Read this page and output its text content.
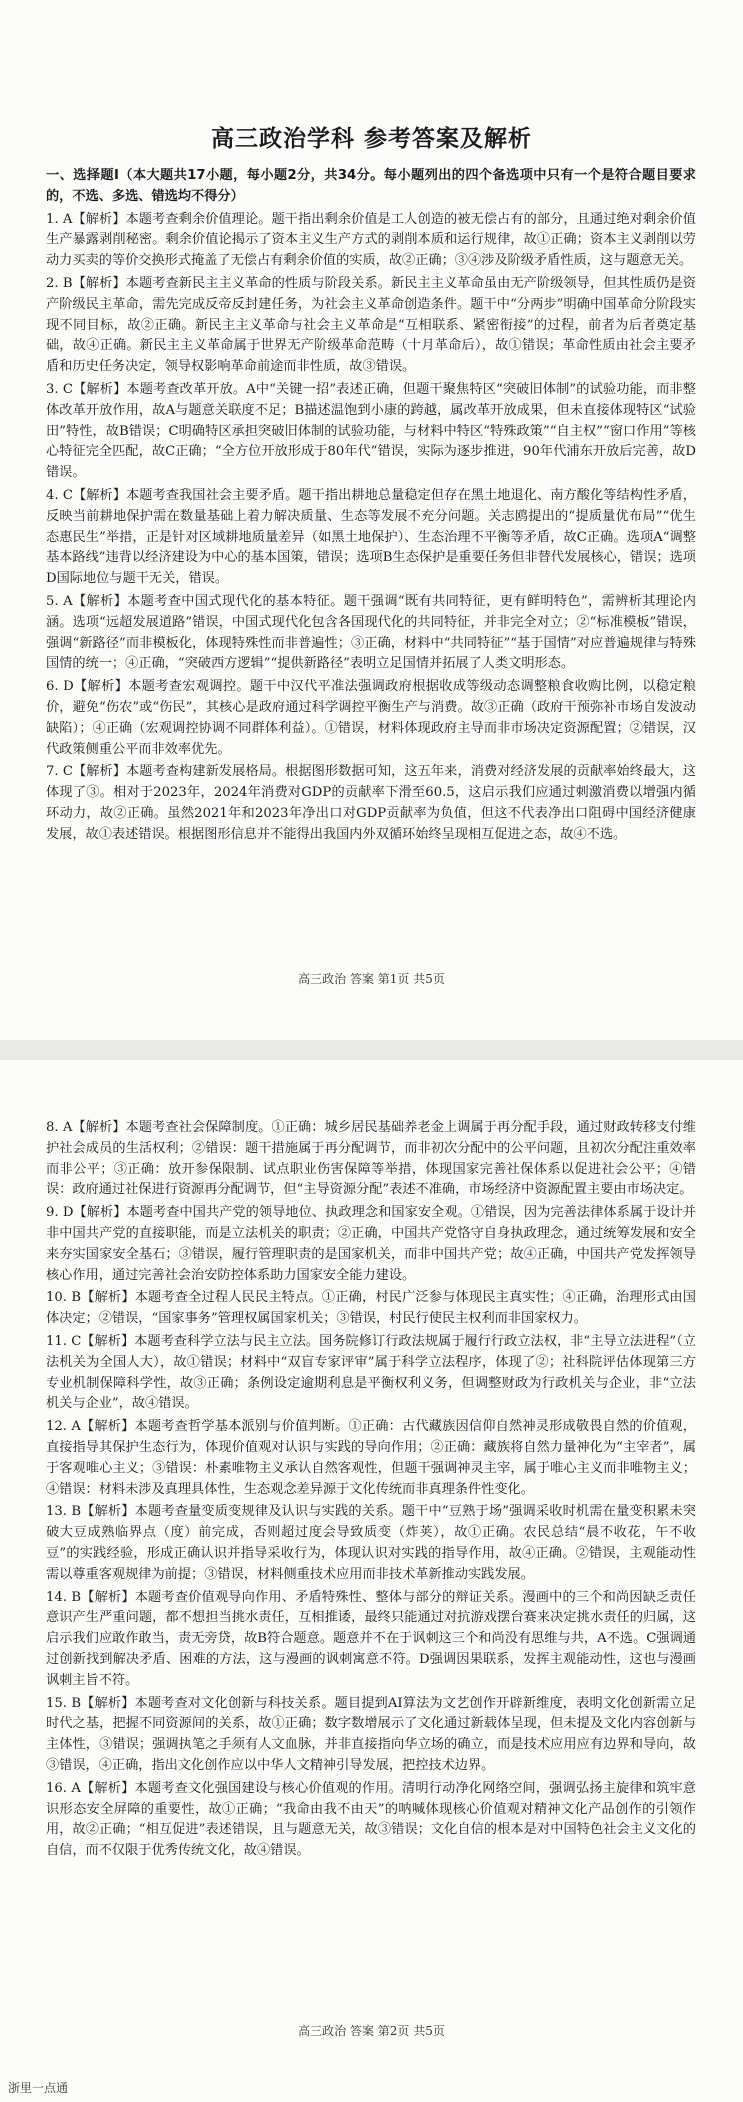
高三政治学科 参考答案及解析

一、选择题Ⅰ（本大题共17小题，每小题2分，共34分。每小题列出的四个备选项中只有一个是符合题目要求的，不选、多选、错选均不得分）

1. A【解析】本题考查剩余价值理论。题干指出剩余价值是工人创造的被无偿占有的部分，且通过绝对剩余价值生产暴露剥削秘密。剩余价值论揭示了资本主义生产方式的剥削本质和运行规律，故①正确；资本主义剥削以劳动力买卖的等价交换形式掩盖了无偿占有剩余价值的实质，故②正确；③④涉及阶级矛盾性质，这与题意无关。

2. B【解析】本题考查新民主主义革命的性质与阶段关系。新民主主义革命虽由无产阶级领导，但其性质仍是资产阶级民主革命，需先完成反帝反封建任务，为社会主义革命创造条件。题干中“分两步”明确中国革命分阶段实现不同目标，故②正确。新民主主义革命与社会主义革命是“互相联系、紧密衔接”的过程，前者为后者奠定基础，故④正确。新民主主义革命属于世界无产阶级革命范畴（十月革命后），故①错误；革命性质由社会主要矛盾和历史任务决定，领导权影响革命前途而非性质，故③错误。

3. C【解析】本题考查改革开放。A中“关键一招”表述正确，但题干聚焦特区“突破旧体制”的试验功能，而非整体改革开放作用，故A与题意关联度不足；B描述温饱到小康的跨越，属改革开放成果，但未直接体现特区“试验田”特性，故B错误；C明确特区承担突破旧体制的试验功能，与材料中特区“特殊政策”“自主权”“窗口作用”等核心特征完全匹配，故C正确；“全方位开放形成于80年代”错误，实际为逐步推进，90年代浦东开放后完善，故D错误。

4. C【解析】本题考查我国社会主要矛盾。题干指出耕地总量稳定但存在黑土地退化、南方酸化等结构性矛盾，反映当前耕地保护需在数量基础上着力解决质量、生态等发展不充分问题。关志鸥提出的“提质量优布局”“优生态惠民生”举措，正是针对区域耕地质量差异（如黑土地保护）、生态治理不平衡等矛盾，故C正确。选项A“调整基本路线”违背以经济建设为中心的基本国策，错误；选项B生态保护是重要任务但非替代发展核心，错误；选项D国际地位与题干无关，错误。

5. A【解析】本题考查中国式现代化的基本特征。题干强调“既有共同特征，更有鲜明特色”，需辨析其理论内涵。选项“远超发展道路”错误，中国式现代化包含各国现代化的共同特征，并非完全对立；②“标准模板”错误，强调“新路径”而非模板化，体现特殊性而非普遍性；③正确，材料中“共同特征”“基于国情”对应普遍规律与特殊国情的统一；④正确，“突破西方逻辑”“提供新路径”表明立足国情并拓展了人类文明形态。

6. D【解析】本题考查宏观调控。题干中汉代平准法强调政府根据收成等级动态调整粮食收购比例，以稳定粮价，避免“伤农”或“伤民”，其核心是政府通过科学调控平衡生产与消费。故③正确（政府干预弥补市场自发波动缺陷）；④正确（宏观调控协调不同群体利益）。①错误，材料体现政府主导而非市场决定资源配置；②错误，汉代政策侧重公平而非效率优先。

7. C【解析】本题考查构建新发展格局。根据图形数据可知，这五年来，消费对经济发展的贡献率始终最大，这体现了③。相对于2023年，2024年消费对GDP的贡献率下滑至60.5，这启示我们应通过刺激消费以增强内循环动力，故②正确。虽然2021年和2023年净出口对GDP贡献率为负值，但这不代表净出口阻碍中国经济健康发展，故①表述错误。根据图形信息并不能得出我国内外双循环始终呈现相互促进之态，故④不选。

高三政治 答案 第1页 共5页

8. A【解析】本题考查社会保障制度。①正确：城乡居民基础养老金上调属于再分配手段，通过财政转移支付维护社会成员的生活权利；②错误：题干措施属于再分配调节，而非初次分配中的公平问题，且初次分配注重效率而非公平；③正确：放开参保限制、试点职业伤害保障等举措，体现国家完善社保体系以促进社会公平；④错误：政府通过社保进行资源再分配调节，但“主导资源分配”表述不准确，市场经济中资源配置主要由市场决定。

9. D【解析】本题考查中国共产党的领导地位、执政理念和国家安全观。①错误，因为完善法律体系属于设计并非中国共产党的直接职能，而是立法机关的职责；②正确，中国共产党恪守自身执政理念，通过统筹发展和安全来夯实国家安全基石；③错误，履行管理职责的是国家机关，而非中国共产党；故④正确，中国共产党发挥领导核心作用，通过完善社会治安防控体系助力国家安全能力建设。

10. B【解析】本题考查全过程人民民主特点。①正确，村民广泛参与体现民主真实性；④正确，治理形式由国体决定；②错误，“国家事务”管理权属国家机关；③错误，村民行使民主权利而非国家权力。

11. C【解析】本题考查科学立法与民主立法。国务院修订行政法规属于履行行政立法权，非“主导立法进程”（立法机关为全国人大），故①错误；材料中“双盲专家评审”属于科学立法程序，体现了②；社科院评估体现第三方专业机制保障科学性，故③正确；条例设定逾期利息是平衡权利义务，但调整财政为行政机关与企业，非“立法机关与企业”，故④错误。

12. A【解析】本题考查哲学基本派别与价值判断。①正确：古代藏族因信仰自然神灵形成敬畏自然的价值观，直接指导其保护生态行为，体现价值观对认识与实践的导向作用；②正确：藏族将自然力量神化为“主宰者”，属于客观唯心主义；③错误：朴素唯物主义承认自然客观性，但题干强调神灵主宰，属于唯心主义而非唯物主义；④错误：材料未涉及真理具体性，生态观念差异源于文化传统而非真理条件性变化。

13. B【解析】本题考查量变质变规律及认识与实践的关系。题干中“豆熟于场”强调采收时机需在量变积累未突破大豆成熟临界点（度）前完成，否则超过度会导致质变（炸荚），故①正确。农民总结“晨不收花，午不收豆”的实践经验，形成正确认识并指导采收行为，体现认识对实践的指导作用，故④正确。②错误，主观能动性需以尊重客观规律为前提；③错误，材料侧重技术应用而非技术革新推动实践发展。

14. B【解析】本题考查价值观导向作用、矛盾特殊性、整体与部分的辩证关系。漫画中的三个和尚因缺乏责任意识产生严重问题，都不想担当挑水责任，互相推诿，最终只能通过对抗游戏摆台赛来决定挑水责任的归属，这启示我们应敢作敢当，责无旁贷，故B符合题意。题意并不在于讽刺这三个和尚没有思维与共，A不选。C强调通过创新找到解决矛盾、困难的方法，这与漫画的讽刺寓意不符。D强调因果联系，发挥主观能动性，这也与漫画讽刺主旨不符。

15. B【解析】本题考查对文化创新与科技关系。题目提到AI算法为文艺创作开辟新维度，表明文化创新需立足时代之基，把握不同资源间的关系，故①正确；数字数增展示了文化通过新载体呈现，但未提及文化内容创新与主体性，③错误；强调执笔之手须有人文血脉，并非直接指向华立场的确立，而是技术应用应有边界和导向，故③错误，④正确，指出文化创作应以中华人文精神引导发展，把控技术边界。

16. A【解析】本题考查文化强国建设与核心价值观的作用。清明行动净化网络空间，强调弘扬主旋律和筑牢意识形态安全屏障的重要性，故①正确；“我命由我不由天”的呐喊体现核心价值观对精神文化产品创作的引领作用，故②正确；“相互促进”表述错误，且与题意无关，故③错误；文化自信的根本是对中国特色社会主义文化的自信，而不仅限于优秀传统文化，故④错误。

高三政治 答案 第2页 共5页
浙里一点通
